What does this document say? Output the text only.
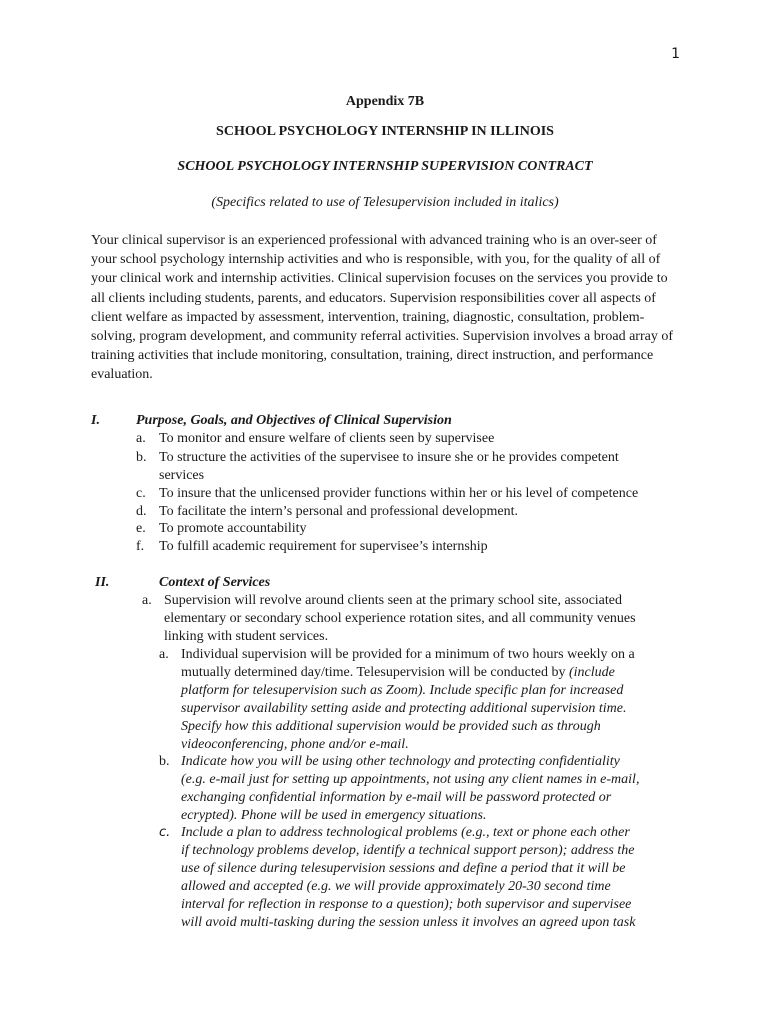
1
Appendix 7B
SCHOOL PSYCHOLOGY INTERNSHIP IN ILLINOIS
SCHOOL PSYCHOLOGY INTERNSHIP SUPERVISION CONTRACT
(Specifics related to use of Telesupervision included in italics)

Your clinical supervisor is an experienced professional with advanced training who is an over-seer of your school psychology internship activities and who is responsible, with you, for the quality of all of your clinical work and internship activities. Clinical supervision focuses on the services you provide to all clients including students, parents, and educators. Supervision responsibilities cover all aspects of client welfare as impacted by assessment, intervention, training, diagnostic, consultation, problem-solving, program development, and community referral activities. Supervision involves a broad array of training activities that include monitoring, consultation, training, direct instruction, and performance evaluation.

I.	Purpose, Goals, and Objectives of Clinical Supervision
a. To monitor and ensure welfare of clients seen by supervisee
b. To structure the activities of the supervisee to insure she or he provides competent
services
c. To insure that the unlicensed provider functions within her or his level of competence
d. To facilitate the intern’s personal and professional development.
e. To promote accountability
f. To fulfill academic requirement for supervisee’s internship
II.	Context of Services
a. Supervision will revolve around clients seen at the primary school site, associated
elementary or secondary school experience rotation sites, and all community venues
linking with student services.
a. Individual supervision will be provided for a minimum of two hours weekly on a
mutually determined day/time. Telesupervision will be conducted by (include
platform for telesupervision such as Zoom). Include specific plan for increased
supervisor availability setting aside and protecting additional supervision time.
Specify how this additional supervision would be provided such as through
videoconferencing, phone and/or e-mail.
b. Indicate how you will be using other technology and protecting confidentiality
(e.g. e-mail just for setting up appointments, not using any client names in e-mail,
exchanging confidential information by e-mail will be password protected or
ecrypted). Phone will be used in emergency situations.
c. Include a plan to address technological problems (e.g., text or phone each other
if technology problems develop, identify a technical support person); address the
use of silence during telesupervision sessions and define a period that it will be
allowed and accepted (e.g. we will provide approximately 20-30 second time
interval for reflection in response to a question); both supervisor and supervisee
will avoid multi-tasking during the session unless it involves an agreed upon task
